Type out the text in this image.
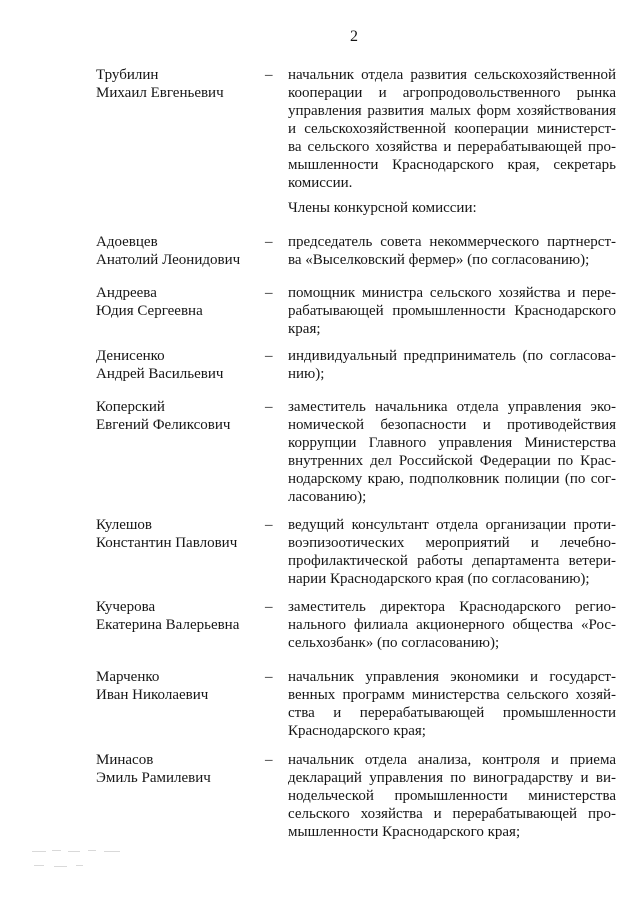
2
Трубилин
Михаил Евгеньевич
– начальник отдела развития сельскохозяйственной
кооперации и агропродовольственного рынка
управления развития малых форм хозяйствования
и сельскохозяйственной кооперации министерст-
ва сельского хозяйства и перерабатывающей про-
мышленности Краснодарского края, секретарь
комиссии.
Члены конкурсной комиссии:
Адоевцев
Анатолий Леонидович
– председатель совета некоммерческого партнерст-
ва «Выселковский фермер» (по согласованию);
Андреева
Юдия Сергеевна
– помощник министра сельского хозяйства и пере-
рабатывающей промышленности Краснодарского
края;
Денисенко
Андрей Васильевич
– индивидуальный предприниматель (по согласова-
нию);
Коперский
Евгений Феликсович
– заместитель начальника отдела управления эко-
номической безопасности и противодействия
коррупции Главного управления Министерства
внутренних дел Российской Федерации по Крас-
нодарскому краю, подполковник полиции (по сог-
ласованию);
Кулешов
Константин Павлович
– ведущий консультант отдела организации проти-
воэпизоотических мероприятий и лечебно-
профилактической работы департамента ветери-
нарии Краснодарского края (по согласованию);
Кучерова
Екатерина Валерьевна
– заместитель директора Краснодарского регио-
нального филиала акционерного общества «Рос-
сельхозбанк» (по согласованию);
Марченко
Иван Николаевич
– начальник управления экономики и государст-
венных программ министерства сельского хозяй-
ства и перерабатывающей промышленности
Краснодарского края;
Минасов
Эмиль Рамилевич
– начальник отдела анализа, контроля и приема
деклараций управления по виноградарству и ви-
нодельческой промышленности министерства
сельского хозяйства и перерабатывающей про-
мышленности Краснодарского края;
